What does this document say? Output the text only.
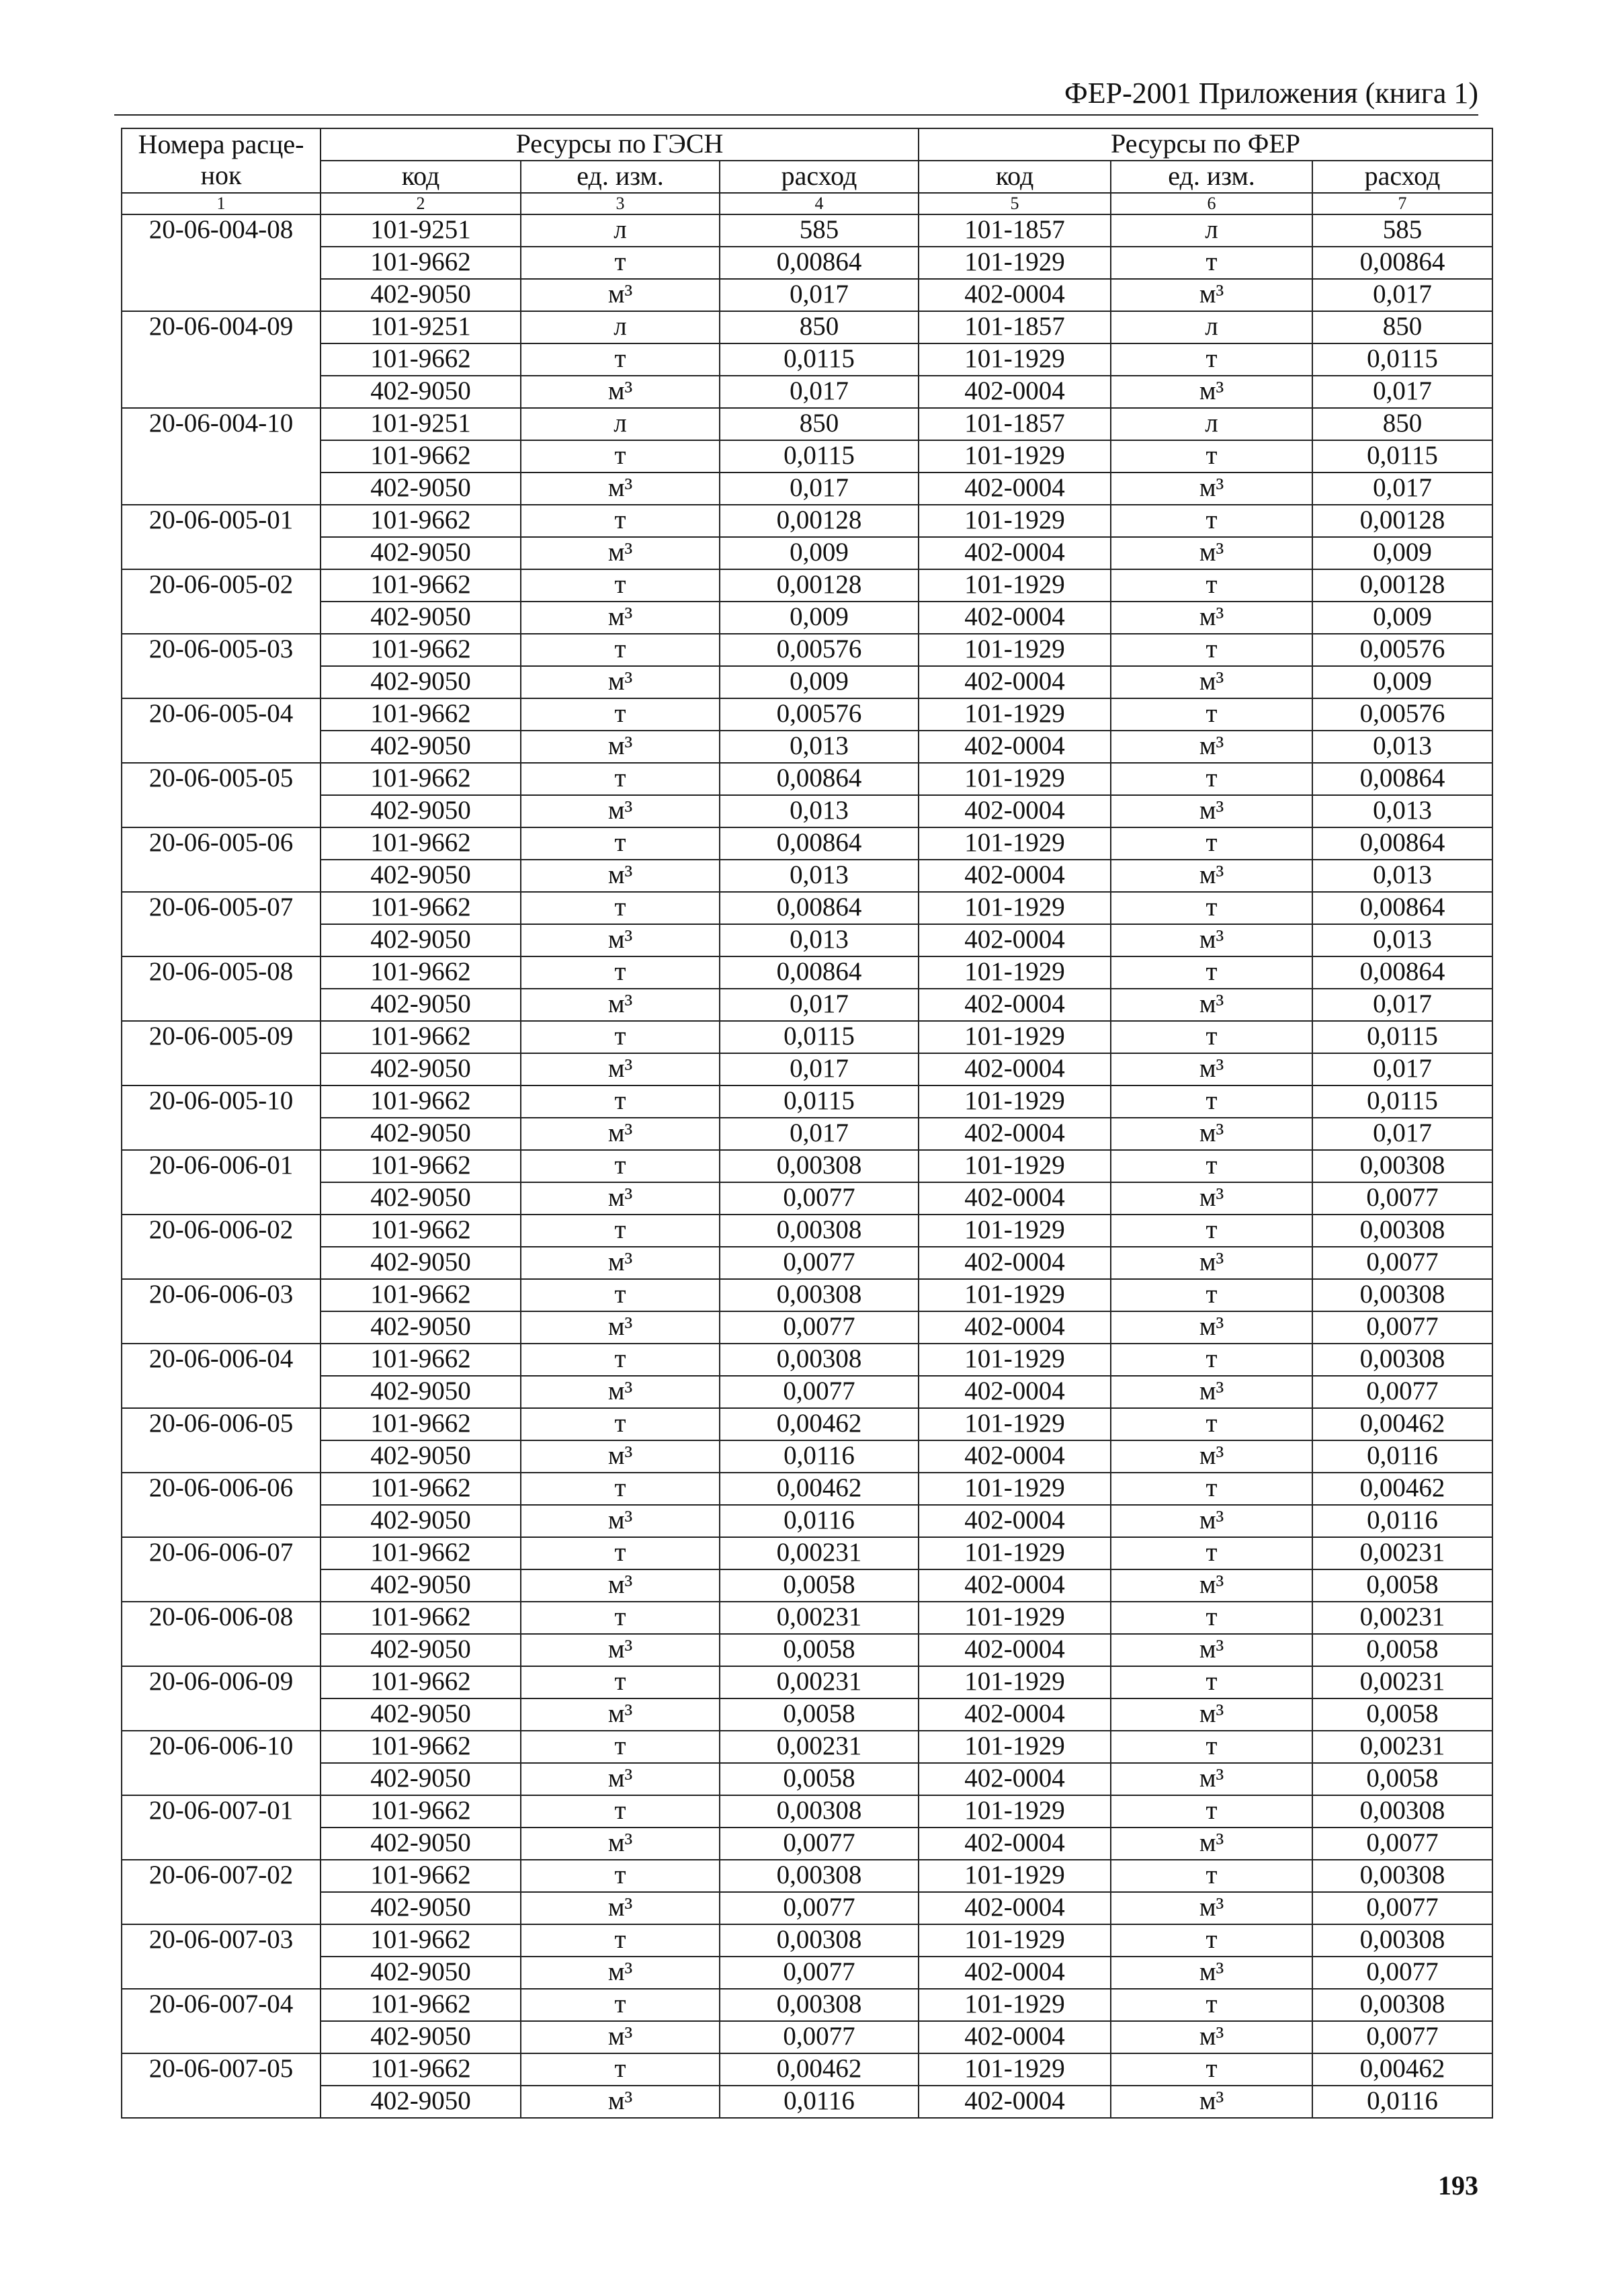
ФЕР-2001 Приложения (книга 1)
Номера расце-нок	Ресурсы по ГЭСН			Ресурсы по ФЕР		
	код	ед. изм.	расход	код	ед. изм.	расход
1	2	3	4	5	6	7
20-06-004-08	101-9251	л	585	101-1857	л	585
	101-9662	т	0,00864	101-1929	т	0,00864
	402-9050	м³	0,017	402-0004	м³	0,017
20-06-004-09	101-9251	л	850	101-1857	л	850
	101-9662	т	0,0115	101-1929	т	0,0115
	402-9050	м³	0,017	402-0004	м³	0,017
20-06-004-10	101-9251	л	850	101-1857	л	850
	101-9662	т	0,0115	101-1929	т	0,0115
	402-9050	м³	0,017	402-0004	м³	0,017
20-06-005-01	101-9662	т	0,00128	101-1929	т	0,00128
	402-9050	м³	0,009	402-0004	м³	0,009
20-06-005-02	101-9662	т	0,00128	101-1929	т	0,00128
	402-9050	м³	0,009	402-0004	м³	0,009
20-06-005-03	101-9662	т	0,00576	101-1929	т	0,00576
	402-9050	м³	0,009	402-0004	м³	0,009
20-06-005-04	101-9662	т	0,00576	101-1929	т	0,00576
	402-9050	м³	0,013	402-0004	м³	0,013
20-06-005-05	101-9662	т	0,00864	101-1929	т	0,00864
	402-9050	м³	0,013	402-0004	м³	0,013
20-06-005-06	101-9662	т	0,00864	101-1929	т	0,00864
	402-9050	м³	0,013	402-0004	м³	0,013
20-06-005-07	101-9662	т	0,00864	101-1929	т	0,00864
	402-9050	м³	0,013	402-0004	м³	0,013
20-06-005-08	101-9662	т	0,00864	101-1929	т	0,00864
	402-9050	м³	0,017	402-0004	м³	0,017
20-06-005-09	101-9662	т	0,0115	101-1929	т	0,0115
	402-9050	м³	0,017	402-0004	м³	0,017
20-06-005-10	101-9662	т	0,0115	101-1929	т	0,0115
	402-9050	м³	0,017	402-0004	м³	0,017
20-06-006-01	101-9662	т	0,00308	101-1929	т	0,00308
	402-9050	м³	0,0077	402-0004	м³	0,0077
20-06-006-02	101-9662	т	0,00308	101-1929	т	0,00308
	402-9050	м³	0,0077	402-0004	м³	0,0077
20-06-006-03	101-9662	т	0,00308	101-1929	т	0,00308
	402-9050	м³	0,0077	402-0004	м³	0,0077
20-06-006-04	101-9662	т	0,00308	101-1929	т	0,00308
	402-9050	м³	0,0077	402-0004	м³	0,0077
20-06-006-05	101-9662	т	0,00462	101-1929	т	0,00462
	402-9050	м³	0,0116	402-0004	м³	0,0116
20-06-006-06	101-9662	т	0,00462	101-1929	т	0,00462
	402-9050	м³	0,0116	402-0004	м³	0,0116
20-06-006-07	101-9662	т	0,00231	101-1929	т	0,00231
	402-9050	м³	0,0058	402-0004	м³	0,0058
20-06-006-08	101-9662	т	0,00231	101-1929	т	0,00231
	402-9050	м³	0,0058	402-0004	м³	0,0058
20-06-006-09	101-9662	т	0,00231	101-1929	т	0,00231
	402-9050	м³	0,0058	402-0004	м³	0,0058
20-06-006-10	101-9662	т	0,00231	101-1929	т	0,00231
	402-9050	м³	0,0058	402-0004	м³	0,0058
20-06-007-01	101-9662	т	0,00308	101-1929	т	0,00308
	402-9050	м³	0,0077	402-0004	м³	0,0077
20-06-007-02	101-9662	т	0,00308	101-1929	т	0,00308
	402-9050	м³	0,0077	402-0004	м³	0,0077
20-06-007-03	101-9662	т	0,00308	101-1929	т	0,00308
	402-9050	м³	0,0077	402-0004	м³	0,0077
20-06-007-04	101-9662	т	0,00308	101-1929	т	0,00308
	402-9050	м³	0,0077	402-0004	м³	0,0077
20-06-007-05	101-9662	т	0,00462	101-1929	т	0,00462
	402-9050	м³	0,0116	402-0004	м³	0,0116
193
